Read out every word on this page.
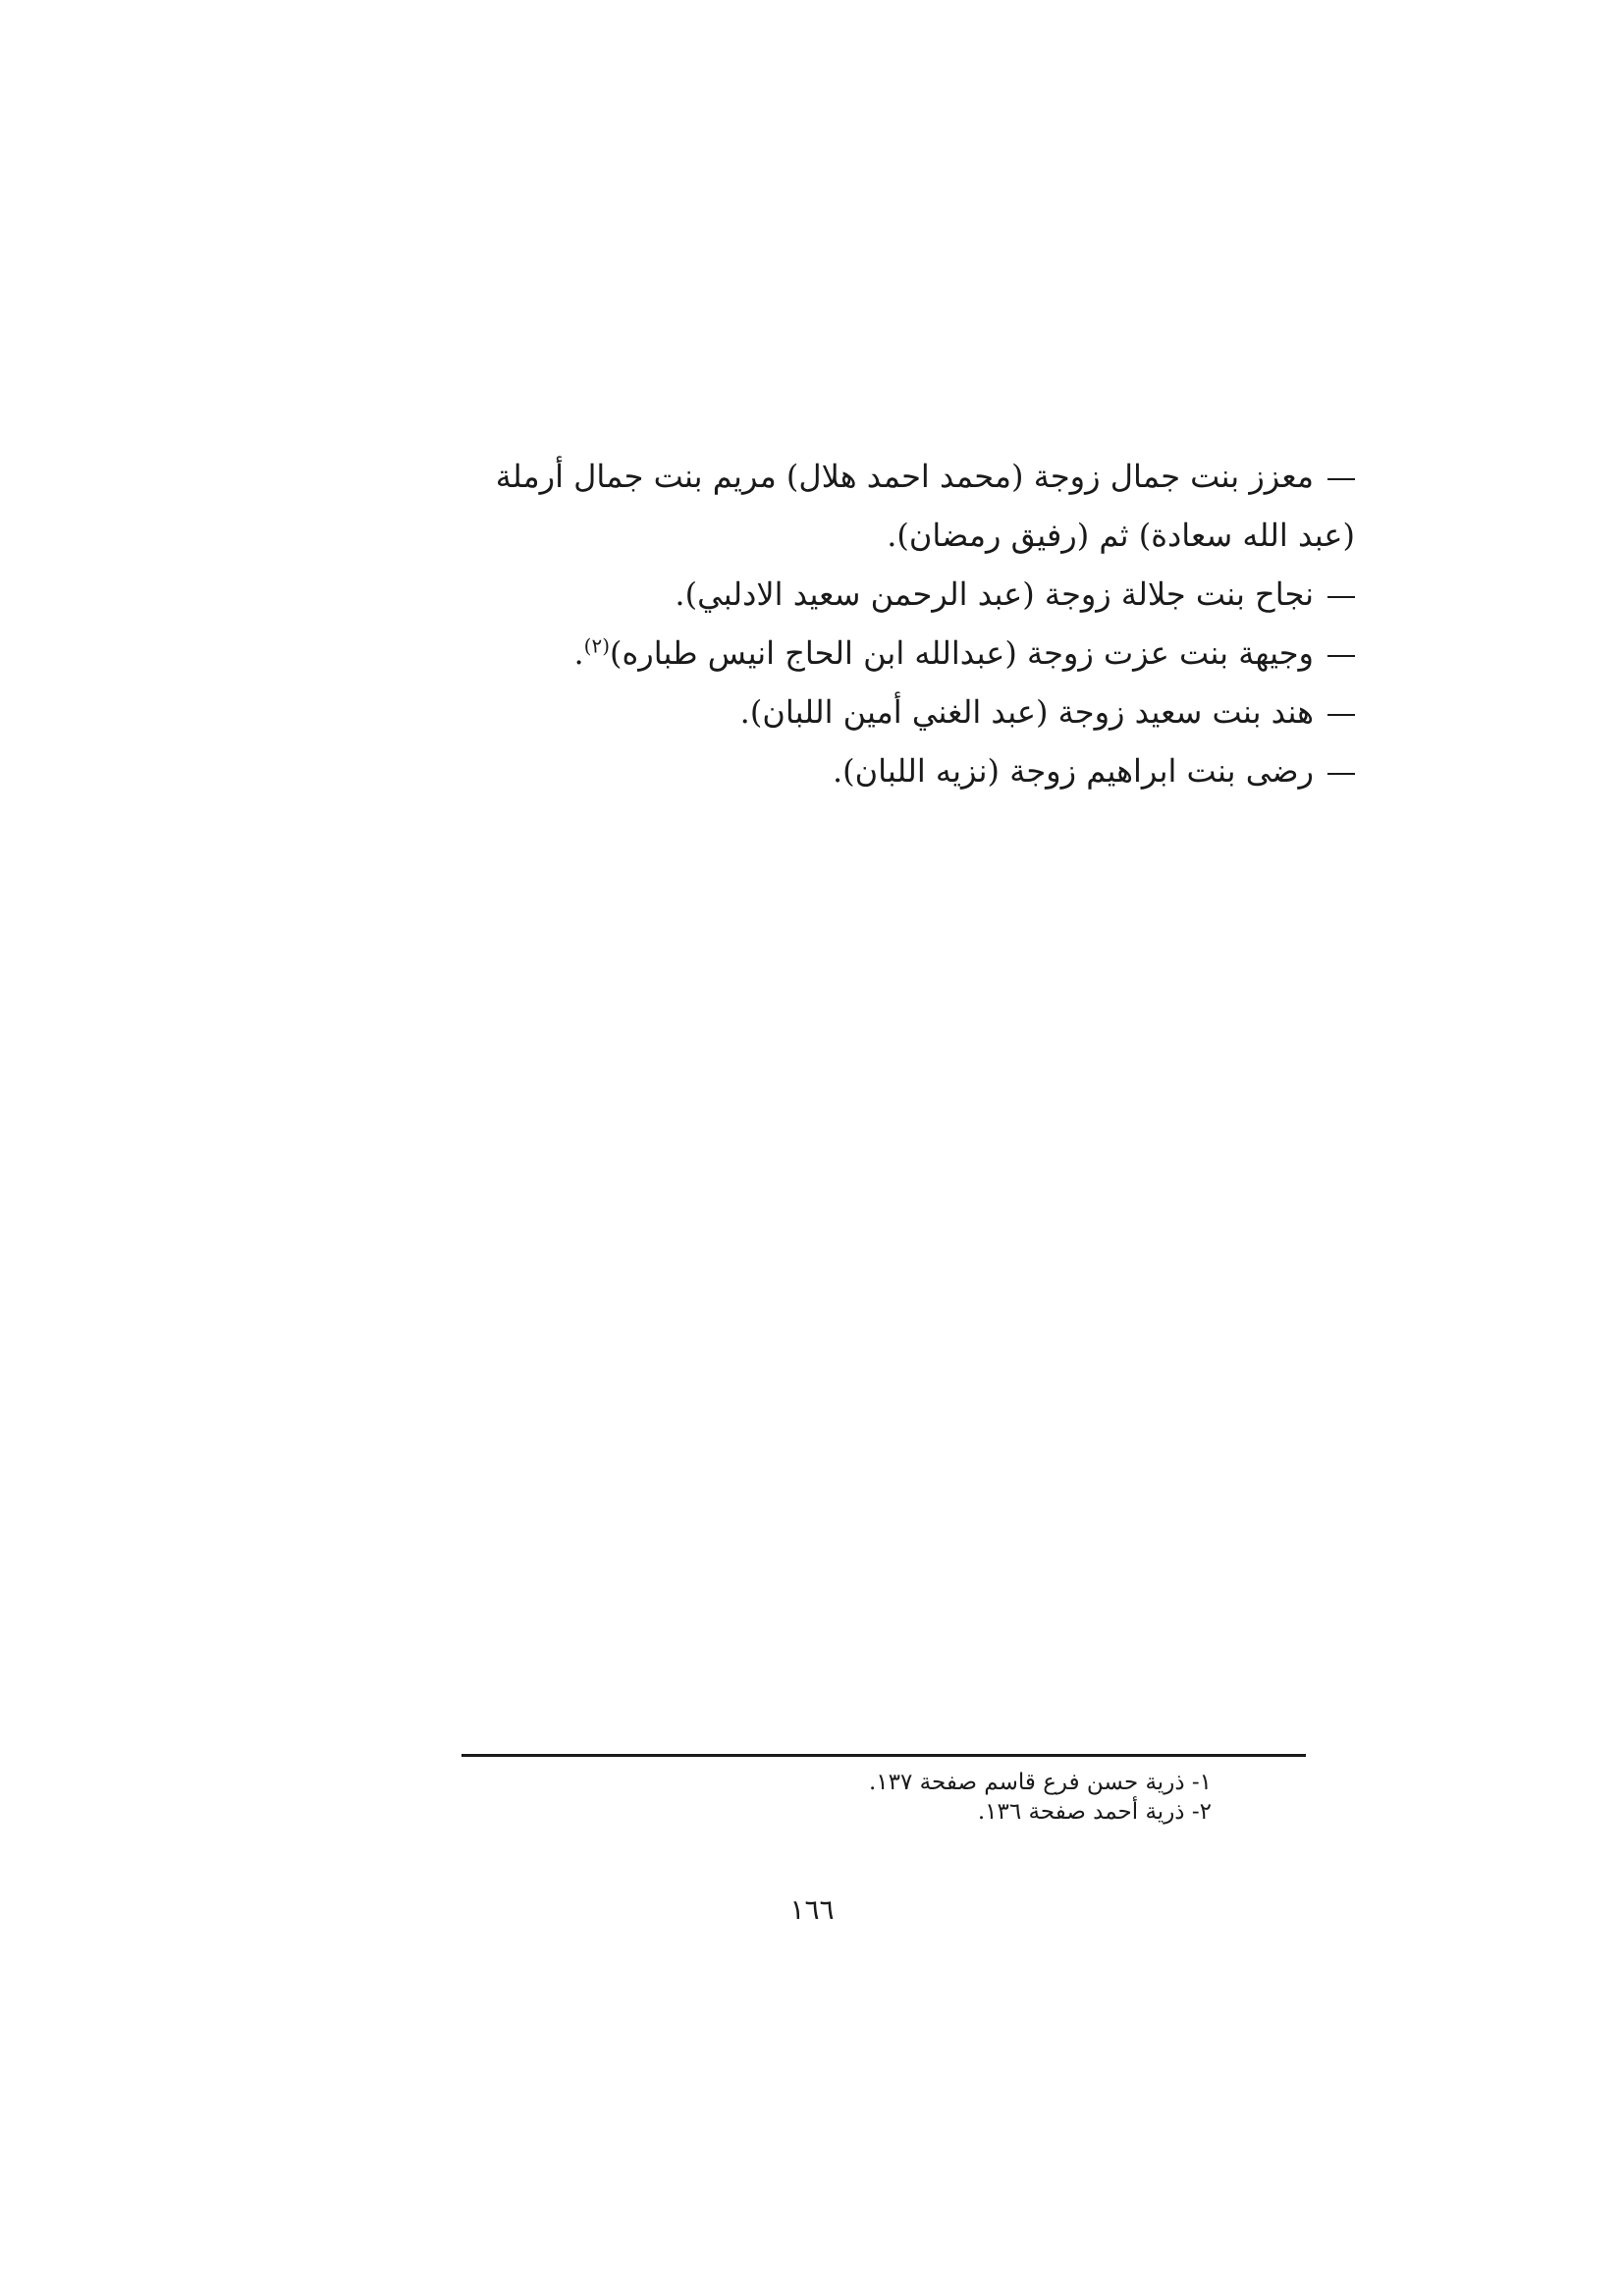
معزز بنت جمال زوجة (محمد احمد هلال) مريم بنت جمال أرملة
(عبد الله سعادة) ثم (رفيق رمضان).
نجاح بنت جلالة زوجة (عبد الرحمن سعيد الادلبي).
وجيهة بنت عزت زوجة (عبدالله ابن الحاج انيس طباره)$^{(٢)}$.
هند بنت سعيد زوجة (عبد الغني أمين اللبان).
رضى بنت ابراهيم زوجة (نزيه اللبان).
١- ذرية حسن فرع قاسم صفحة ١٣٧.
٢- ذرية أحمد صفحة ١٣٦.
١٦٦
